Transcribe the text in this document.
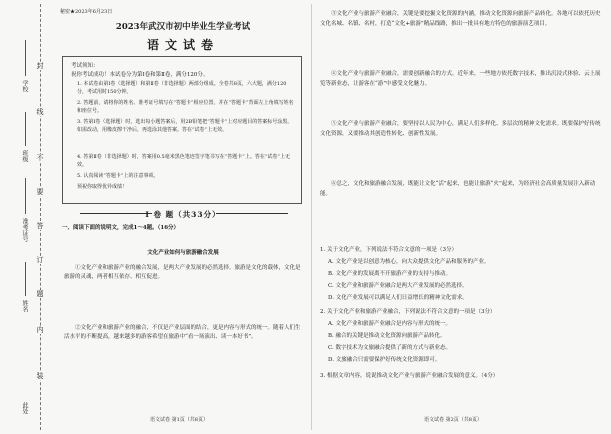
封
线
不
要
答
订
题
内
装
学校
班级
准考证号
姓名
此处
秘密★2023年6月23日
2023年武汉市初中毕业生学业考试
语文试卷
考试须知：
祝你考试成功！本试卷分为第Ⅰ卷和第Ⅱ卷，满分120分。
1. 本试卷由第Ⅰ卷（选择题）和第Ⅱ卷（非选择题）两部分组成。全卷共8页，六大题，满分120分，考试用时150分钟。
2. 答题前，请将你的姓名、准考证号填写在“答题卡”相应位置，并在“答题卡”背面左上角填写姓名和座位号。
3. 答第Ⅰ卷（选择题）时，选出每小题答案后，用2B铅笔把“答题卡”上对应题目的答案标号涂黑。如需改动，用橡皮擦干净后，再选涂其他答案。答在“试卷”上无效。
4. 答第Ⅱ卷（非选择题）时，答案用0.5毫米黑色笔迹签字笔书写在“答题卡”上。答在“试卷”上无效。
5. 认真阅读“答题卡”上的注意事项。
预祝你取得优异成绩！
Ⅰ 卷 题（共33分）
一、阅读下面的说明文，完成1～4题。（16分）
文化产业如何与旅游融合发展
①文化产业和旅游产业的融合发展，是两大产业发展的必然选择。旅游是文化的载体，文化是旅游的灵魂，两者相互依存、相互促进。
②文化产业和旅游产业的融合，不仅是产业层面的结合，更是内容与形式的统一。随着人们生活水平的不断提高，越来越多的游客希望在旅游中“看一场演出、读一本好书”。
语文试卷 第1页（共8页）
③文化产业与旅游产业融合，关键是要挖掘文化资源的内涵，推动文化资源向旅游产品转化。各地可以依托历史文化名城、名镇、名村，打造“文化+旅游”精品线路，推出一批具有地方特色的旅游演艺项目。
④文化产业与旅游产业融合，需要创新融合的方式。近年来，一些地方依托数字技术，推出沉浸式体验、云上展览等新业态，让游客在“游”中感受文化魅力。
⑤文化产业与旅游产业融合，要坚持以人民为中心，满足人们多样化、多层次的精神文化需求。既要保护好传统文化资源，又要推动其创造性转化、创新性发展。
⑥总之，文化和旅游融合发展，既能让文化“活”起来，也能让旅游“火”起来，为经济社会高质量发展注入新动能。
1. 关于文化产业，下列说法不符合文意的一项是（3分）
A. 文化产业是以创意为核心，向大众提供文化产品和服务的产业。
B. 文化产业的发展离不开旅游产业的支持与推动。
C. 文化产业和旅游产业融合是两大产业发展的必然选择。
D. 文化产业发展可以满足人们日益增长的精神文化需求。
2. 关于文化产业和旅游产业融合，下列说法不符合文意的一项是（3分）
A. 文化产业和旅游产业融合是内容与形式的统一。
B. 融合的关键是推动文化资源向旅游产品转化。
C. 数字技术为文旅融合提供了新的方式与新业态。
D. 文旅融合只需要保护好传统文化资源即可。
3. 根据文章内容，说说推动文化产业与旅游产业融合发展的意义。（4分）
语文试卷 第2页（共8页）
